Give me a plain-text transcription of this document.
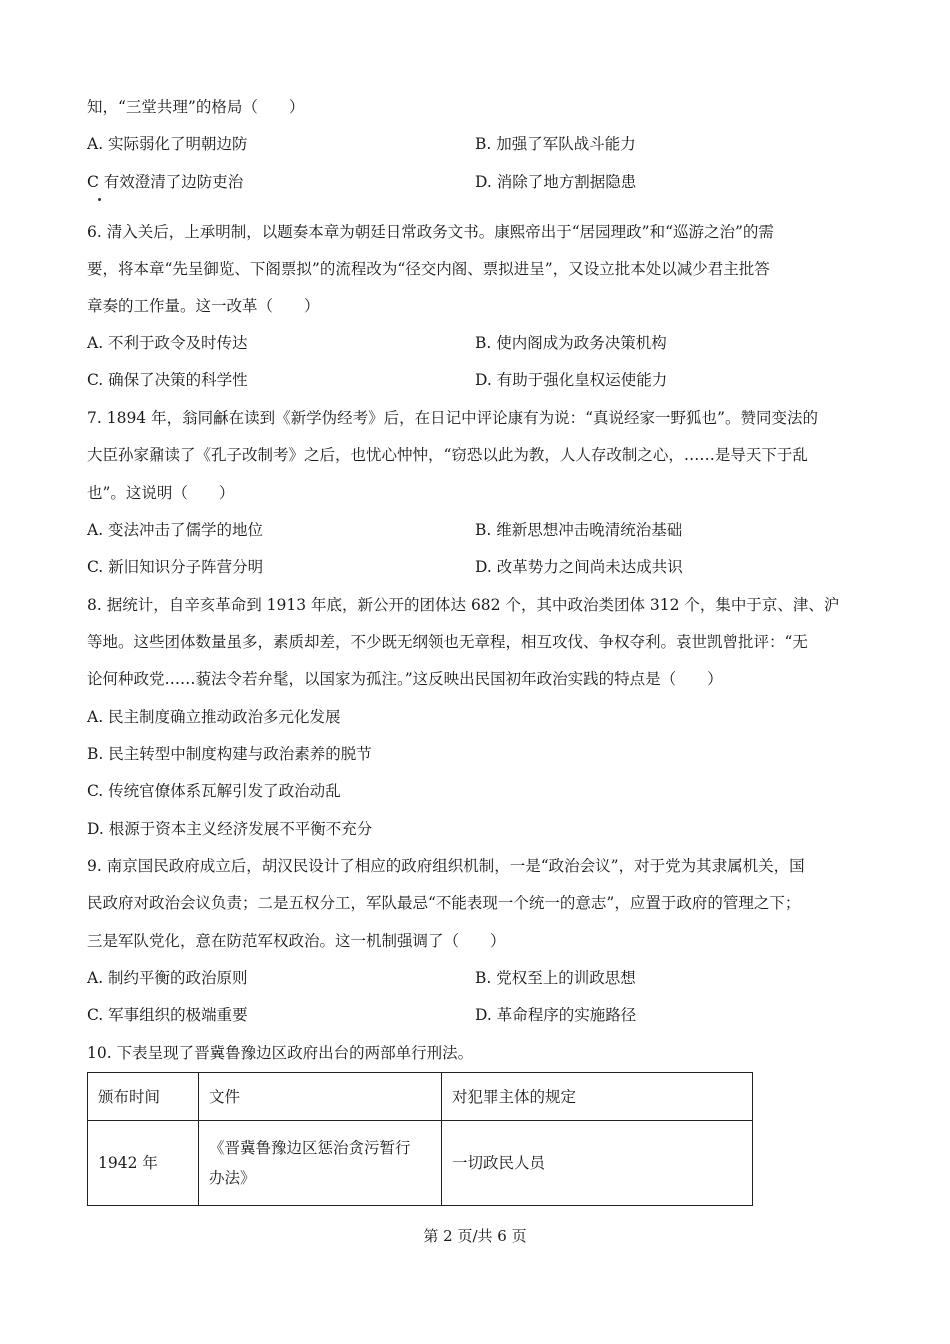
知，“三堂共理”的格局（　　）
A. 实际弱化了明朝边防	B. 加强了军队战斗能力
C 有效澄清了边防吏治	D. 消除了地方割据隐患
6. 清入关后，上承明制，以题奏本章为朝廷日常政务文书。康熙帝出于“居园理政”和“巡游之治”的需
要，将本章“先呈御览、下阁票拟”的流程改为“径交内阁、票拟进呈”，又设立批本处以减少君主批答
章奏的工作量。这一改革（　　）
A. 不利于政令及时传达	B. 使内阁成为政务决策机构
C. 确保了决策的科学性	D. 有助于强化皇权运使能力
7. 1894 年，翁同龢在读到《新学伪经考》后，在日记中评论康有为说：“真说经家一野狐也”。赞同变法的
大臣孙家鼐读了《孔子改制考》之后，也忧心忡忡，“窃恐以此为教，人人存改制之心，……是导天下于乱
也”。这说明（　　）
A. 变法冲击了儒学的地位	B. 维新思想冲击晚清统治基础
C. 新旧知识分子阵营分明	D. 改革势力之间尚未达成共识
8. 据统计，自辛亥革命到 1913 年底，新公开的团体达 682 个，其中政治类团体 312 个，集中于京、津、沪
等地。这些团体数量虽多，素质却差，不少既无纲领也无章程，相互攻伐、争权夺利。袁世凯曾批评：“无
论何种政党……藐法令若弁髦，以国家为孤注。”这反映出民国初年政治实践的特点是（　　）
A. 民主制度确立推动政治多元化发展
B. 民主转型中制度构建与政治素养的脱节
C. 传统官僚体系瓦解引发了政治动乱
D. 根源于资本主义经济发展不平衡不充分
9. 南京国民政府成立后，胡汉民设计了相应的政府组织机制，一是“政治会议”，对于党为其隶属机关，国
民政府对政治会议负责；二是五权分工，军队最忌“不能表现一个统一的意志”，应置于政府的管理之下；
三是军队党化，意在防范军权政治。这一机制强调了（　　）
A. 制约平衡的政治原则	B. 党权至上的训政思想
C. 军事组织的极端重要	D. 革命程序的实施路径
10. 下表呈现了晋冀鲁豫边区政府出台的两部单行刑法。
颁布时间	文件	对犯罪主体的规定
1942 年	《晋冀鲁豫边区惩治贪污暂行
办法》	一切政民人员
第 2 页/共 6 页
